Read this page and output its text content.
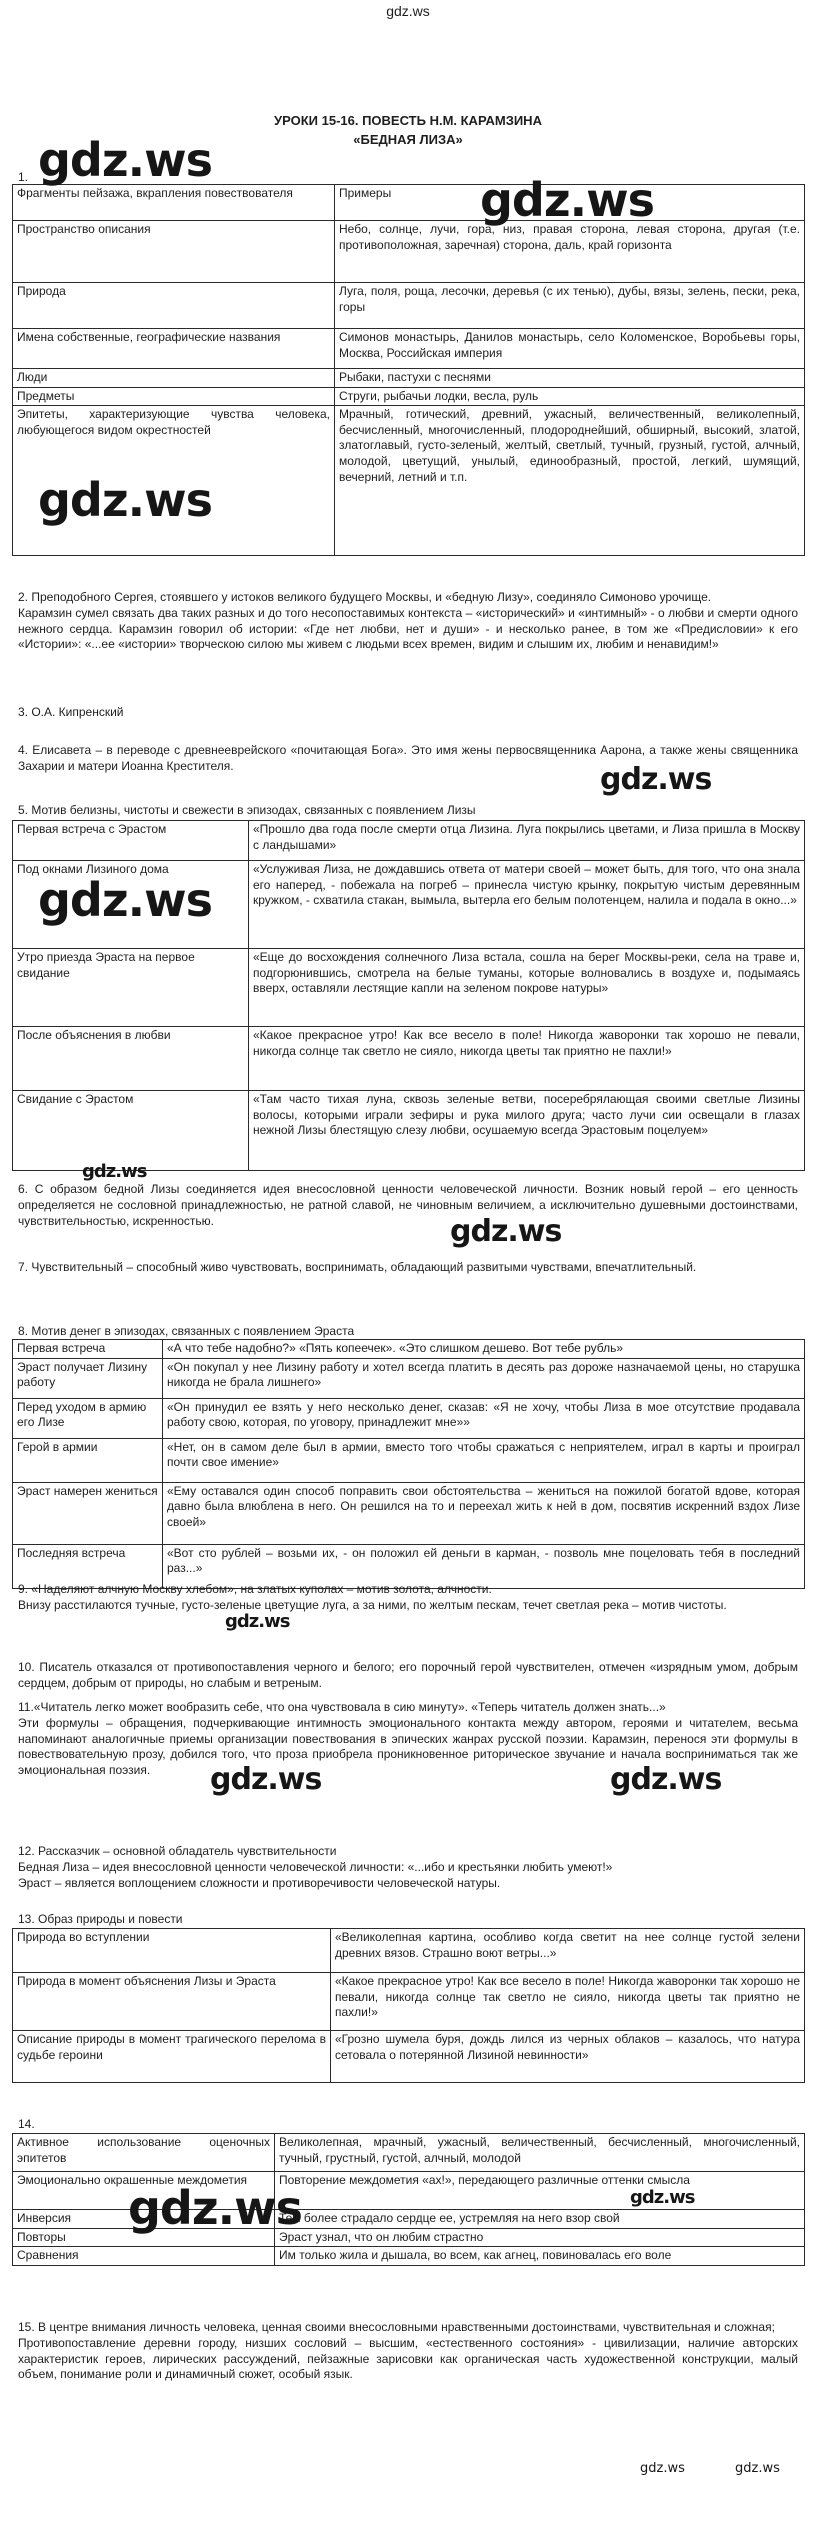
gdz.ws
УРОКИ 15-16. ПОВЕСТЬ Н.М. КАРАМЗИНА
«БЕДНАЯ ЛИЗА»
1.
Фрагменты пейзажа, вкрапления повествователя	Примеры
Пространство описания	Небо, солнце, лучи, гора, низ, правая сторона, левая сторона, другая (т.е. противоположная, заречная) сторона, даль, край горизонта
Природа	Луга, поля, роща, лесочки, деревья (с их тенью), дубы, вязы, зелень, пески, река, горы
Имена собственные, географические названия	Симонов монастырь, Данилов монастырь, село Коломенское, Воробьевы горы, Москва, Российская империя
Люди	Рыбаки, пастухи с песнями
Предметы	Струги, рыбачьи лодки, весла, руль
Эпитеты, характеризующие чувства человека, любующегося видом окрестностей	Мрачный, готический, древний, ужасный, величественный, великолепный, бесчисленный, многочисленный, плодороднейший, обширный, высокий, златой, златоглавый, густо-зеленый, желтый, светлый, тучный, грузный, густой, алчный, молодой, цветущий, унылый, единообразный, простой, легкий, шумящий, вечерний, летний и т.п.
2. Преподобного Сергея, стоявшего у истоков великого будущего Москвы, и «бедную Лизу», соединяло Симоново урочище.
Карамзин сумел связать два таких разных и до того несопоставимых контекста – «исторический» и «интимный» - о любви и смерти одного нежного сердца. Карамзин говорил об истории: «Где нет любви, нет и души» - и несколько ранее, в том же «Предисловии» к его «Истории»: «...ее «истории» творческою силою мы живем с людьми всех времен, видим и слышим их, любим и ненавидим!»
3. О.А. Кипренский
4. Елисавета – в переводе с древнееврейского «почитающая Бога». Это имя жены первосвященника Аарона, а также жены священника Захарии и матери Иоанна Крестителя.
5. Мотив белизны, чистоты и свежести в эпизодах, связанных с появлением Лизы
Первая встреча с Эрастом	«Прошло два года после смерти отца Лизина. Луга покрылись цветами, и Лиза пришла в Москву с ландышами»
Под окнами Лизиного дома	«Услуживая Лиза, не дождавшись ответа от матери своей – может быть, для того, что она знала его наперед, - побежала на погреб – принесла чистую крынку, покрытую чистым деревянным кружком, - схватила стакан, вымыла, вытерла его белым полотенцем, налила и подала в окно...»
Утро приезда Эраста на первое свидание	«Еще до восхождения солнечного Лиза встала, сошла на берег Москвы-реки, села на траве и, подгорюнившись, смотрела на белые туманы, которые волновались в воздухе и, подымаясь вверх, оставляли лестящие капли на зеленом покрове натуры»
После объяснения в любви	«Какое прекрасное утро! Как все весело в поле! Никогда жаворонки так хорошо не певали, никогда солнце так светло не сияло, никогда цветы так приятно не пахли!»
Свидание с Эрастом	«Там часто тихая луна, сквозь зеленые ветви, посеребрялающая своими светлые Лизины волосы, которыми играли зефиры и рука милого друга; часто лучи сии освещали в глазах нежной Лизы блестящую слезу любви, осушаемую всегда Эрастовым поцелуем»
6. С образом бедной Лизы соединяется идея внесословной ценности человеческой личности. Возник новый герой – его ценность определяется не сословной принадлежностью, не ратной славой, не чиновным величием, а исключительно душевными достоинствами, чувствительностью, искренностью.
7. Чувствительный – способный живо чувствовать, воспринимать, обладающий развитыми чувствами, впечатлительный.
8. Мотив денег в эпизодах, связанных с появлением Эраста
Первая встреча	«А что тебе надобно?» «Пять копеечек». «Это слишком дешево. Вот тебе рубль»
Эраст получает Лизину работу	«Он покупал у нее Лизину работу и хотел всегда платить в десять раз дороже назначаемой цены, но старушка никогда не брала лишнего»
Перед уходом в армию его Лизе	«Он принудил ее взять у него несколько денег, сказав: «Я не хочу, чтобы Лиза в мое отсутствие продавала работу свою, которая, по уговору, принадлежит мне»»
Герой в армии	«Нет, он в самом деле был в армии, вместо того чтобы сражаться с неприятелем, играл в карты и проиграл почти свое имение»
Эраст намерен жениться	«Ему оставался один способ поправить свои обстоятельства – жениться на пожилой богатой вдове, которая давно была влюблена в него. Он решился на то и переехал жить к ней в дом, посвятив искренний вздох Лизе своей»
Последняя встреча	«Вот сто рублей – возьми их, - он положил ей деньги в карман, - позволь мне поцеловать тебя в последний раз...»
9. «Наделяют алчную Москву хлебом», на златых куполах – мотив золота, алчности.
Внизу расстилаются тучные, густо-зеленые цветущие луга, а за ними, по желтым пескам, течет светлая река – мотив чистоты.
10. Писатель отказался от противопоставления черного и белого; его порочный герой чувствителен, отмечен «изрядным умом, добрым сердцем, добрым от природы, но слабым и ветреным.
11.«Читатель легко может вообразить себе, что она чувствовала в сию минуту». «Теперь читатель должен знать...»
Эти формулы – обращения, подчеркивающие интимность эмоционального контакта между автором, героями и читателем, весьма напоминают аналогичные приемы организации повествования в эпических жанрах русской поэзии. Карамзин, перенося эти формулы в повествовательную прозу, добился того, что проза приобрела проникновенное риторическое звучание и начала восприниматься так же эмоциональная поэзия.
12. Рассказчик – основной обладатель чувствительности
Бедная Лиза – идея внесословной ценности человеческой личности: «...ибо и крестьянки любить умеют!»
Эраст – является воплощением сложности и противоречивости человеческой натуры.
13. Образ природы и повести
Природа во вступлении	«Великолепная картина, особливо когда светит на нее солнце густой зелени древних вязов. Страшно воют ветры...»
Природа в момент объяснения Лизы и Эраста	«Какое прекрасное утро! Как все весело в поле! Никогда жаворонки так хорошо не певали, никогда солнце так светло не сияло, никогда цветы так приятно не пахли!»
Описание природы в момент трагического перелома в судьбе героини	«Грозно шумела буря, дождь лился из черных облаков – казалось, что натура сетовала о потерянной Лизиной невинности»
14.
Активное использование оценочных эпитетов	Великолепная, мрачный, ужасный, величественный, бесчисленный, многочисленный, тучный, грустный, густой, алчный, молодой
Эмоционально окрашенные междометия	Повторение междометия «ах!», передающего различные оттенки смысла
Инверсия	Тем более страдало сердце ее, устремляя на него взор свой
Повторы	Эраст узнал, что он любим страстно
Сравнения	Им только жила и дышала, во всем, как агнец, повиновалась его воле
15. В центре внимания личность человека, ценная своими внесословными нравственными достоинствами, чувствительная и сложная;
Противопоставление деревни городу, низших сословий – высшим, «естественного состояния» - цивилизации, наличие авторских характеристик героев, лирических рассуждений, пейзажные зарисовки как органическая часть художественной конструкции, малый объем, понимание роли и динамичный сюжет, особый язык.
gdz.ws
gdz.ws
gdz.ws
gdz.ws
gdz.ws
gdz.ws
gdz.ws
gdz.ws
gdz.ws	gdz.ws
gdz.ws	gdz.ws
gdz.ws	gdz.ws
